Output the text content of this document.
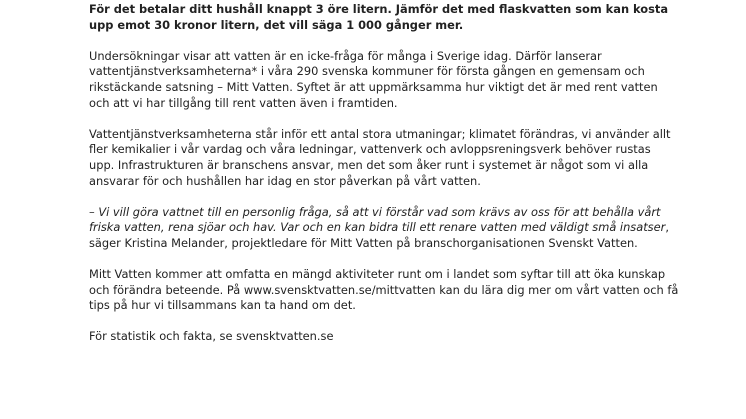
För det betalar ditt hushåll knappt 3 öre litern. Jämför det med flaskvatten som kan kosta upp emot 30 kronor litern, det vill säga 1 000 gånger mer.

Undersökningar visar att vatten är en icke-fråga för många i Sverige idag. Därför lanserar vattentjänstverksamheterna* i våra 290 svenska kommuner för första gången en gemensam och rikstäckande satsning – Mitt Vatten. Syftet är att uppmärksamma hur viktigt det är med rent vatten och att vi har tillgång till rent vatten även i framtiden.

Vattentjänstverksamheterna står inför ett antal stora utmaningar; klimatet förändras, vi använder allt fler kemikalier i vår vardag och våra ledningar, vattenverk och avloppsreningsverk behöver rustas upp. Infrastrukturen är branschens ansvar, men det som åker runt i systemet är något som vi alla ansvarar för och hushållen har idag en stor påverkan på vårt vatten.

– Vi vill göra vattnet till en personlig fråga, så att vi förstår vad som krävs av oss för att behålla vårt friska vatten, rena sjöar och hav. Var och en kan bidra till ett renare vatten med väldigt små insatser, säger Kristina Melander, projektledare för Mitt Vatten på branschorganisationen Svenskt Vatten.

Mitt Vatten kommer att omfatta en mängd aktiviteter runt om i landet som syftar till att öka kunskap och förändra beteende. På www.svensktvatten.se/mittvatten kan du lära dig mer om vårt vatten och få tips på hur vi tillsammans kan ta hand om det.

För statistik och fakta, se svensktvatten.se
